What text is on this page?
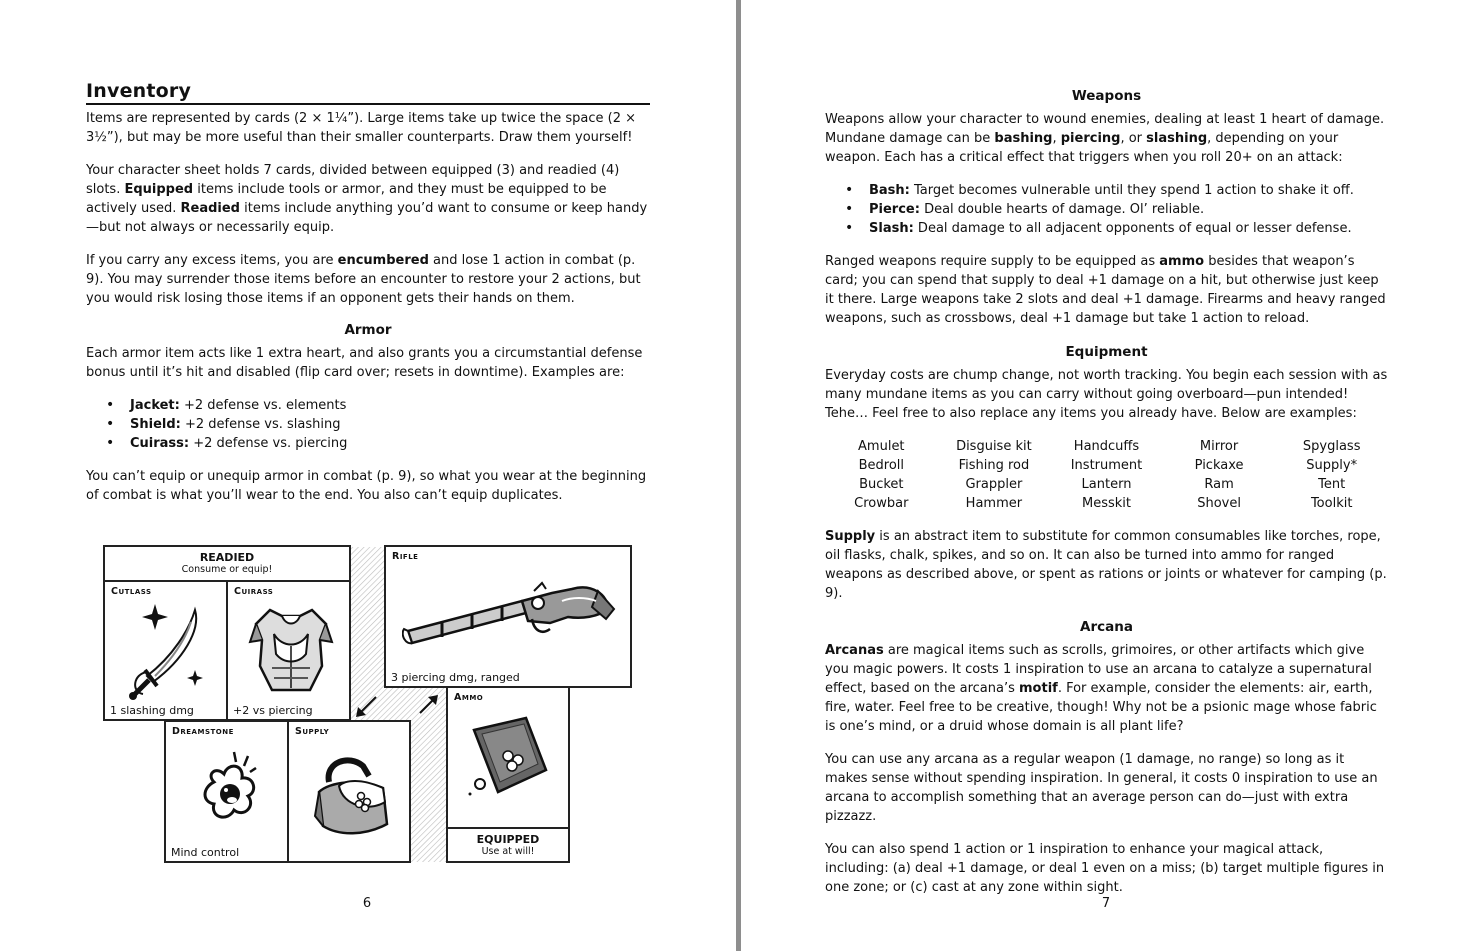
Inventory

Items are represented by cards (2 × 1¼”). Large items take up twice the space (2 × 3½”), but may be more useful than their smaller counterparts. Draw them yourself!

Your character sheet holds 7 cards, divided between equipped (3) and readied (4) slots. Equipped items include tools or armor, and they must be equipped to be actively used. Readied items include anything you’d want to consume or keep handy—but not always or necessarily equip.

If you carry any excess items, you are encumbered and lose 1 action in combat (p. 9). You may surrender those items before an encounter to restore your 2 actions, but you would risk losing those items if an opponent gets their hands on them.

Armor

Each armor item acts like 1 extra heart, and also grants you a circumstantial defense bonus until it’s hit and disabled (flip card over; resets in downtime). Examples are:

• Jacket: +2 defense vs. elements
• Shield: +2 defense vs. slashing
• Cuirass: +2 defense vs. piercing

You can’t equip or unequip armor in combat (p. 9), so what you wear at the beginning of combat is what you’ll wear to the end. You also can’t equip duplicates.

READIED
Consume or equip!
Cutlass
1 slashing dmg
Cuirass
+2 vs piercing
Rifle
3 piercing dmg, ranged
Ammo
EQUIPPED
Use at will!
Dreamstone
Mind control
Supply
6
Weapons

Weapons allow your character to wound enemies, dealing at least 1 heart of damage. Mundane damage can be bashing, piercing, or slashing, depending on your weapon. Each has a critical effect that triggers when you roll 20+ on an attack:

• Bash: Target becomes vulnerable until they spend 1 action to shake it off.
• Pierce: Deal double hearts of damage. Ol’ reliable.
• Slash: Deal damage to all adjacent opponents of equal or lesser defense.

Ranged weapons require supply to be equipped as ammo besides that weapon’s card; you can spend that supply to deal +1 damage on a hit, but otherwise just keep it there. Large weapons take 2 slots and deal +1 damage. Firearms and heavy ranged weapons, such as crossbows, deal +1 damage but take 1 action to reload.

Equipment

Everyday costs are chump change, not worth tracking. You begin each session with as many mundane items as you can carry without going overboard—pun intended! Tehe… Feel free to also replace any items you already have. Below are examples:

Amulet	Disguise kit	Handcuffs	Mirror	Spyglass
Bedroll	Fishing rod	Instrument	Pickaxe	Supply*
Bucket	Grappler	Lantern	Ram	Tent
Crowbar	Hammer	Messkit	Shovel	Toolkit

Supply is an abstract item to substitute for common consumables like torches, rope, oil flasks, chalk, spikes, and so on. It can also be turned into ammo for ranged weapons as described above, or spent as rations or joints or whatever for camping (p. 9).

Arcana

Arcanas are magical items such as scrolls, grimoires, or other artifacts which give you magic powers. It costs 1 inspiration to use an arcana to catalyze a supernatural effect, based on the arcana’s motif. For example, consider the elements: air, earth, fire, water. Feel free to be creative, though! Why not be a psionic mage whose fabric is one’s mind, or a druid whose domain is all plant life?

You can use any arcana as a regular weapon (1 damage, no range) so long as it makes sense without spending inspiration. In general, it costs 0 inspiration to use an arcana to accomplish something that an average person can do—just with extra pizzazz.

You can also spend 1 action or 1 inspiration to enhance your magical attack, including: (a) deal +1 damage, or deal 1 even on a miss; (b) target multiple figures in one zone; or (c) cast at any zone within sight.

7
